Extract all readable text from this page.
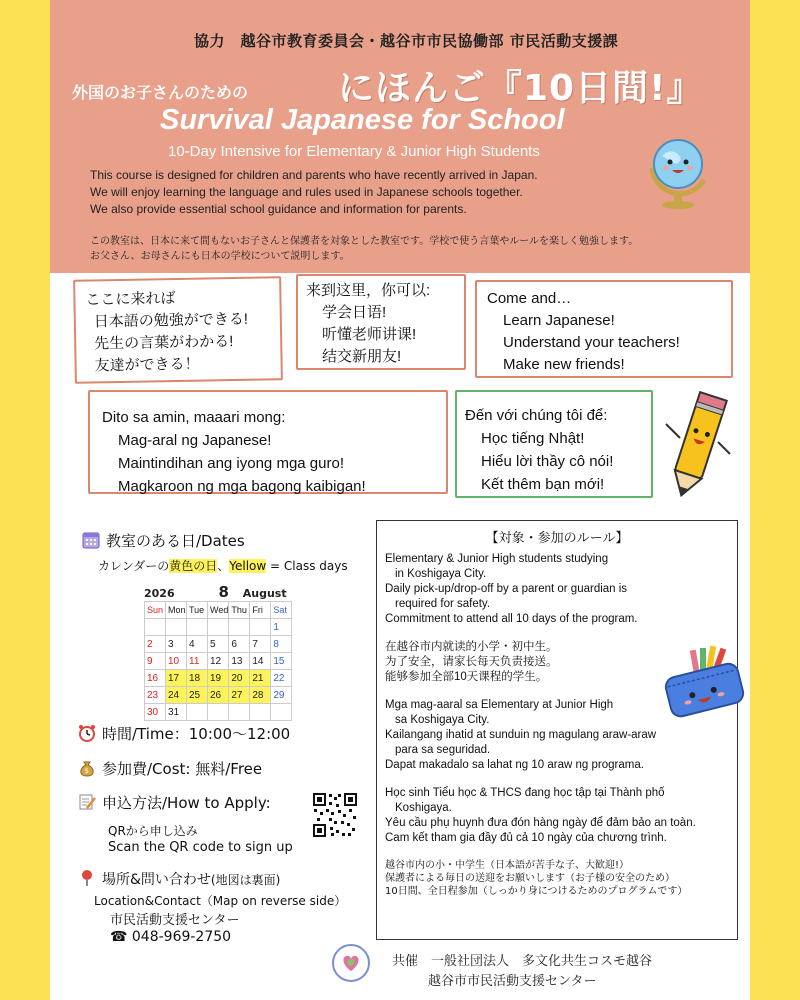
協力　越谷市教育委員会・越谷市市民協働部 市民活動支援課
外国のお子さんのための にほんご『10日間!』
Survival Japanese for School
10-Day Intensive for Elementary & Junior High Students
This course is designed for children and parents who have recently arrived in Japan.
We will enjoy learning the language and rules used in Japanese schools together.
We also provide essential school guidance and information for parents.
この教室は、日本に来て間もないお子さんと保護者を対象とした教室です。学校で使う言葉やルールを楽しく勉強します。
お父さん、お母さんにも日本の学校について説明します。
ここに来れば
日本語の勉強ができる!
先生の言葉がわかる!
友達ができる！
来到这里，你可以:
学会日语!
听懂老师讲课!
结交新朋友!
Come and…
Learn Japanese!
Understand your teachers!
Make new friends!
Dito sa amin, maaari mong:
Mag-aral ng Japanese!
Maintindihan ang iyong mga guro!
Magkaroon ng mga bagong kaibigan!
Đến với chúng tôi để:
Học tiếng Nhật!
Hiểu lời thầy cô nói!
Kết thêm bạn mới!
教室のある日/Dates
カレンダーの黄色の日、Yellow = Class days
2026	8 August
Sun	Mon	Tue	Wed	Thu	Fri	Sat
						1
2	3	4	5	6	7	8
9	10	11	12	13	14	15
16	17	18	19	20	21	22
23	24	25	26	27	28	29
30	31					
時間/Time：10:00～12:00
$ 参加費/Cost: 無料/Free
申込方法/How to Apply:
QRから申し込み
Scan the QR code to sign up
場所&問い合わせ(地図は裏面)
Location&Contact（Map on reverse side）
市民活動支援センター
☎ 048-969-2750
【対象・参加のルール】
Elementary & Junior High students studying
in Koshigaya City.
Daily pick-up/drop-off by a parent or guardian is
required for safety.
Commitment to attend all 10 days of the program.
在越谷市内就读的小学・初中生。
为了安全，请家长每天负责接送。
能够参加全部10天课程的学生。
Mga mag-aaral sa Elementary at Junior High
sa Koshigaya City.
Kailangang ihatid at sunduin ng magulang araw-araw
para sa seguridad.
Dapat makadalo sa lahat ng 10 araw ng programa.
Học sinh Tiểu học & THCS đang học tập tại Thành phố
Koshigaya.
Yêu cầu phụ huynh đưa đón hàng ngày để đảm bảo an toàn.
Cam kết tham gia đầy đủ cả 10 ngày của chương trình.
越谷市内の小・中学生（日本語が苦手な子、大歓迎!）
保護者による毎日の送迎をお願いします（お子様の安全のため）
10日間、全日程参加（しっかり身につけるためのプログラムです）
共催　一般社団法人　多文化共生コスモ越谷
越谷市市民活動支援センター
